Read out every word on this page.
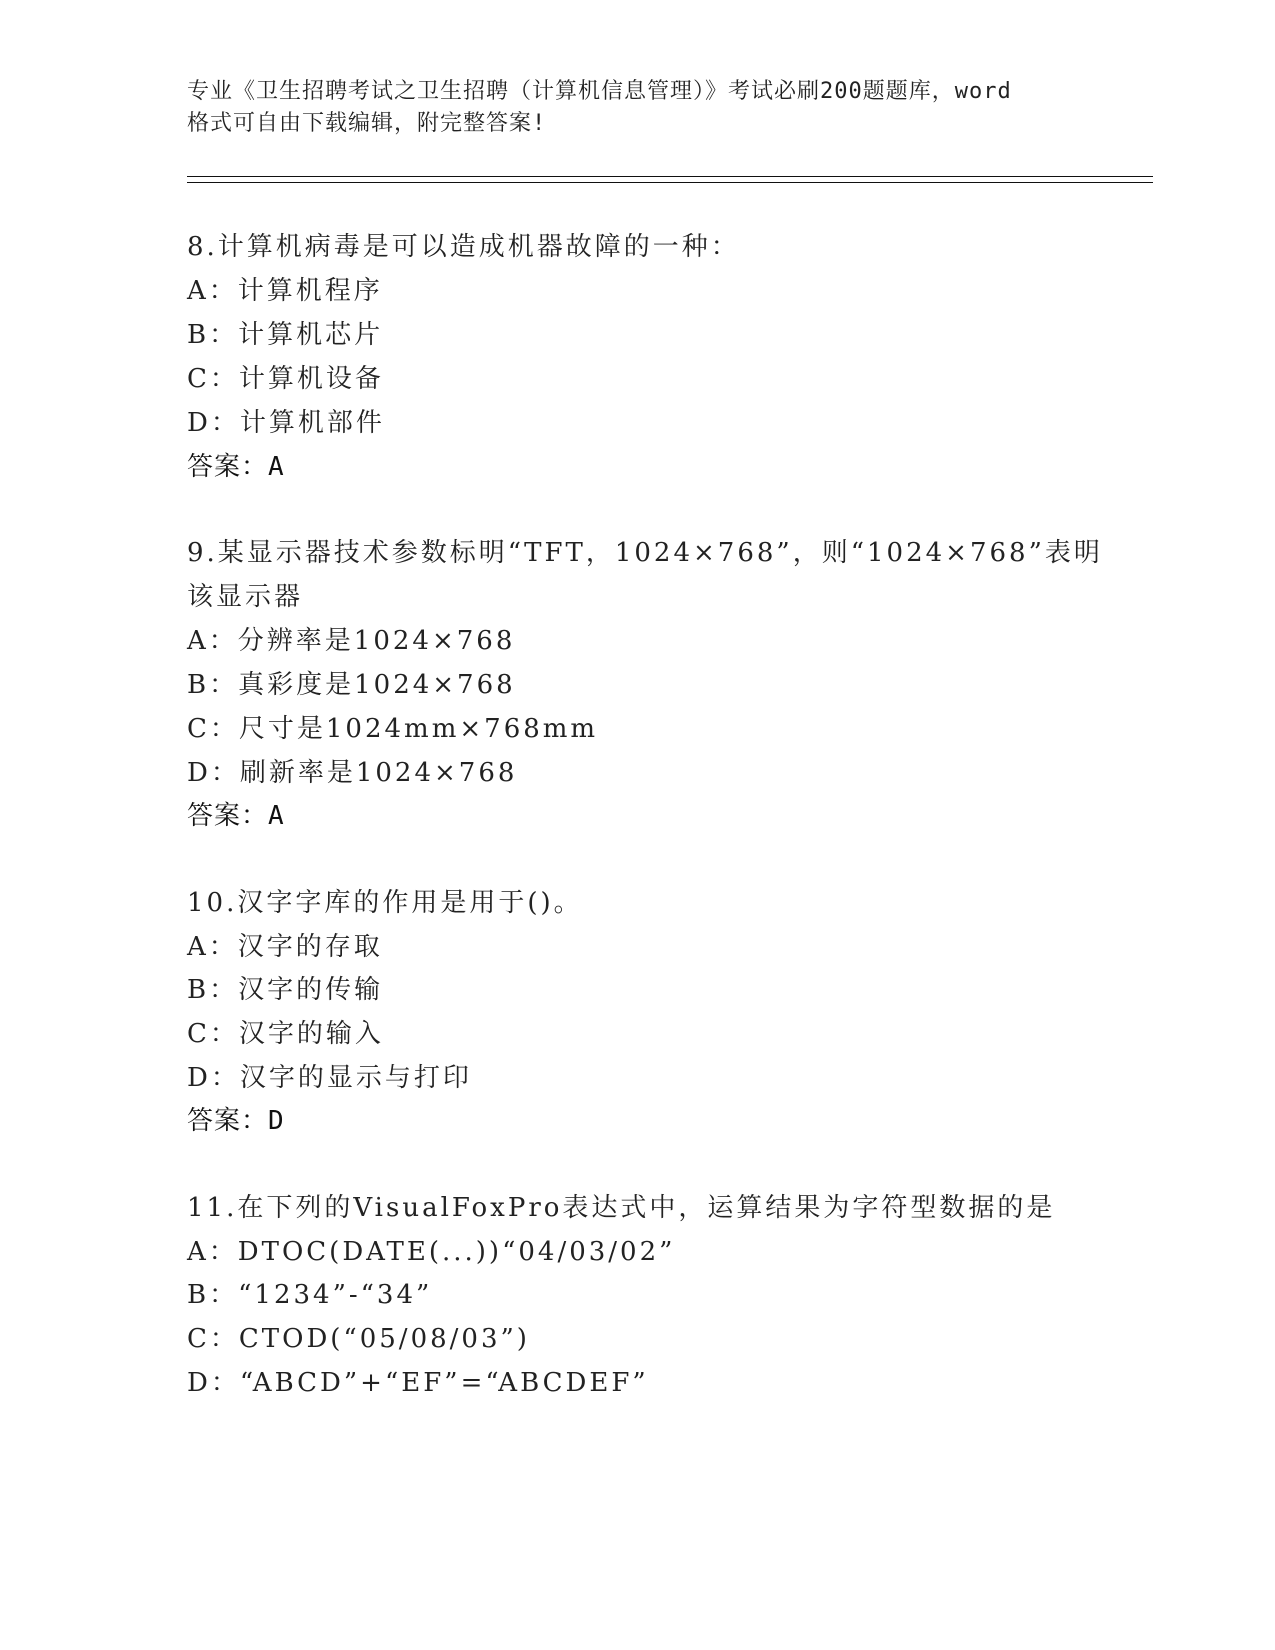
专业《卫生招聘考试之卫生招聘（计算机信息管理）》考试必刷200题题库，word
格式可自由下载编辑，附完整答案!
8.计算机病毒是可以造成机器故障的一种：
A：计算机程序
B：计算机芯片
C：计算机设备
D：计算机部件
答案：A
9.某显示器技术参数标明“TFT，1024×768”，则“1024×768”表明
该显示器
A：分辨率是1024×768
B：真彩度是1024×768
C：尺寸是1024mm×768mm
D：刷新率是1024×768
答案：A
10.汉字字库的作用是用于()。
A：汉字的存取
B：汉字的传输
C：汉字的输入
D：汉字的显示与打印
答案：D
11.在下列的VisualFoxPro表达式中，运算结果为字符型数据的是
A：DTOC(DATE(...))“04/03/02”
B：“1234”-“34”
C：CTOD(“05/08/03”)
D：“ABCD”+“EF”=“ABCDEF”
